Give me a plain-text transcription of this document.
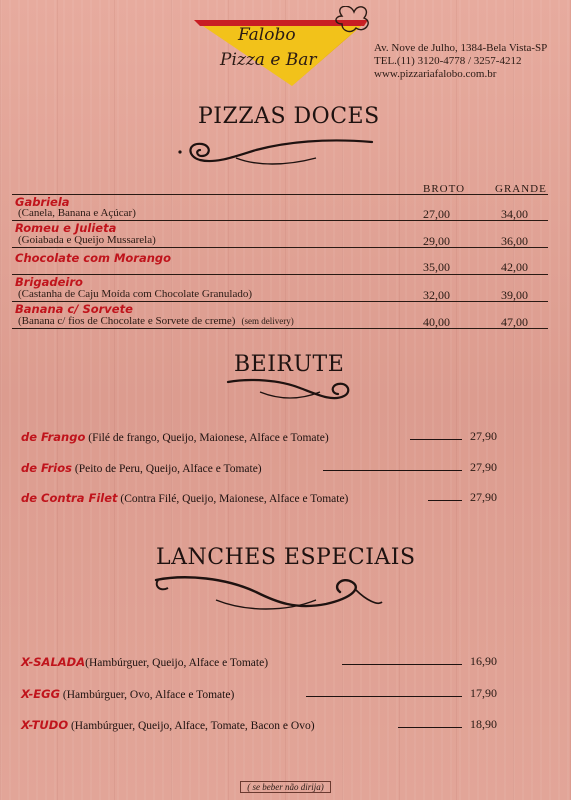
Falobo
Pizza e Bar
Av. Nove de Julho, 1384-Bela Vista-SP
TEL.(11) 3120-4778 / 3257-4212
www.pizzariafalobo.com.br
PIZZAS DOCES
BROTO	GRANDE
Gabriela
(Canela, Banana e Açúcar)	27,00	34,00
Romeu e Julieta
(Goiabada e Queijo Mussarela)	29,00	36,00
Chocolate com Morango
35,00	42,00
Brigadeiro
(Castanha de Caju Moída com Chocolate Granulado)	32,00	39,00
Banana c/ Sorvete
(Banana c/ fios de Chocolate e Sorvete de creme) (sem delivery)	40,00	47,00
BEIRUTE
de Frango (Filé de frango, Queijo, Maionese, Alface e Tomate)	27,90
de Frios (Peito de Peru, Queijo, Alface e Tomate)	27,90
de Contra Filet (Contra Filé, Queijo, Maionese, Alface e Tomate)	27,90
LANCHES ESPECIAIS
X-SALADA(Hambúrguer, Queijo, Alface e Tomate)	16,90
X-EGG (Hambúrguer, Ovo, Alface e Tomate)	17,90
X-TUDO (Hambúrguer, Queijo, Alface, Tomate, Bacon e Ovo)	18,90
( se beber não dirija)
